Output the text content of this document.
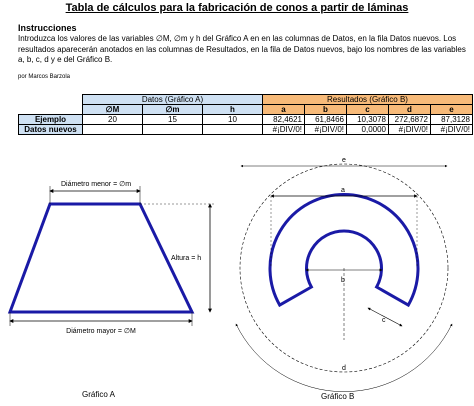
Tabla de cálculos para la fabricación de conos a partir de láminas
Instrucciones
Introduzca los valores de las variables ∅M, ∅m y h del Gráfico A en en las columnas de Datos, en la fila Datos nuevos. Los resultados aparecerán anotados en las columnas de Resultados, en la fila de Datos nuevos, bajo los nombres de las variables a, b, c, d y e del Gráfico B.
por Marcos Barzola
	Datos (Gráfico A)			Resultados (Gráfico B)				
	∅M	∅m	h	a	b	c	d	e
Ejemplo	20	15	10	82,4621	61,8466	10,3078	272,6872	87,3128
Datos nuevos				#¡DIV/0!	#¡DIV/0!	0,0000	#¡DIV/0!	#¡DIV/0!
Diámetro menor = ∅m
Diámetro mayor = ∅M
Altura = h
a
e
b
c
d
Gráfico A	Gráfico B
